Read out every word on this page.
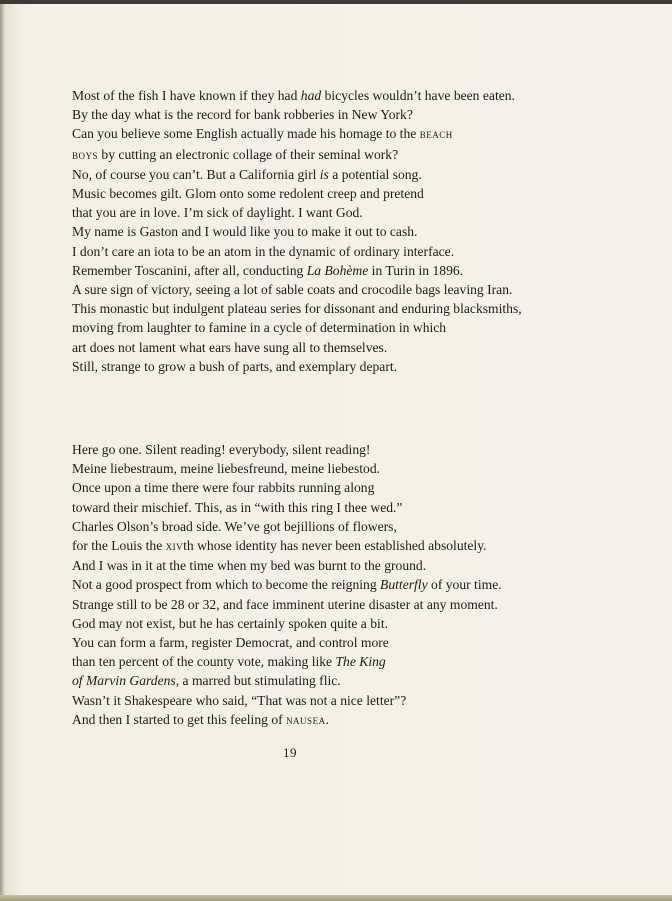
Most of the fish I have known if they had had bicycles wouldn’t have been eaten.
By the day what is the record for bank robberies in New York?
Can you believe some English actually made his homage to the beach
boys by cutting an electronic collage of their seminal work?
No, of course you can’t. But a California girl is a potential song.
Music becomes gilt. Glom onto some redolent creep and pretend
that you are in love. I’m sick of daylight. I want God.
My name is Gaston and I would like you to make it out to cash.
I don’t care an iota to be an atom in the dynamic of ordinary interface.
Remember Toscanini, after all, conducting La Bohème in Turin in 1896.
A sure sign of victory, seeing a lot of sable coats and crocodile bags leaving Iran.
This monastic but indulgent plateau series for dissonant and enduring blacksmiths,
moving from laughter to famine in a cycle of determination in which
art does not lament what ears have sung all to themselves.
Still, strange to grow a bush of parts, and exemplary depart.
Here go one. Silent reading! everybody, silent reading!
Meine liebestraum, meine liebesfreund, meine liebestod.
Once upon a time there were four rabbits running along
toward their mischief. This, as in “with this ring I thee wed.”
Charles Olson’s broad side. We’ve got bejillions of flowers,
for the Louis the xivth whose identity has never been established absolutely.
And I was in it at the time when my bed was burnt to the ground.
Not a good prospect from which to become the reigning Butterfly of your time.
Strange still to be 28 or 32, and face imminent uterine disaster at any moment.
God may not exist, but he has certainly spoken quite a bit.
You can form a farm, register Democrat, and control more
than ten percent of the county vote, making like The King
of Marvin Gardens, a marred but stimulating flic.
Wasn’t it Shakespeare who said, “That was not a nice letter”?
And then I started to get this feeling of nausea.
19
